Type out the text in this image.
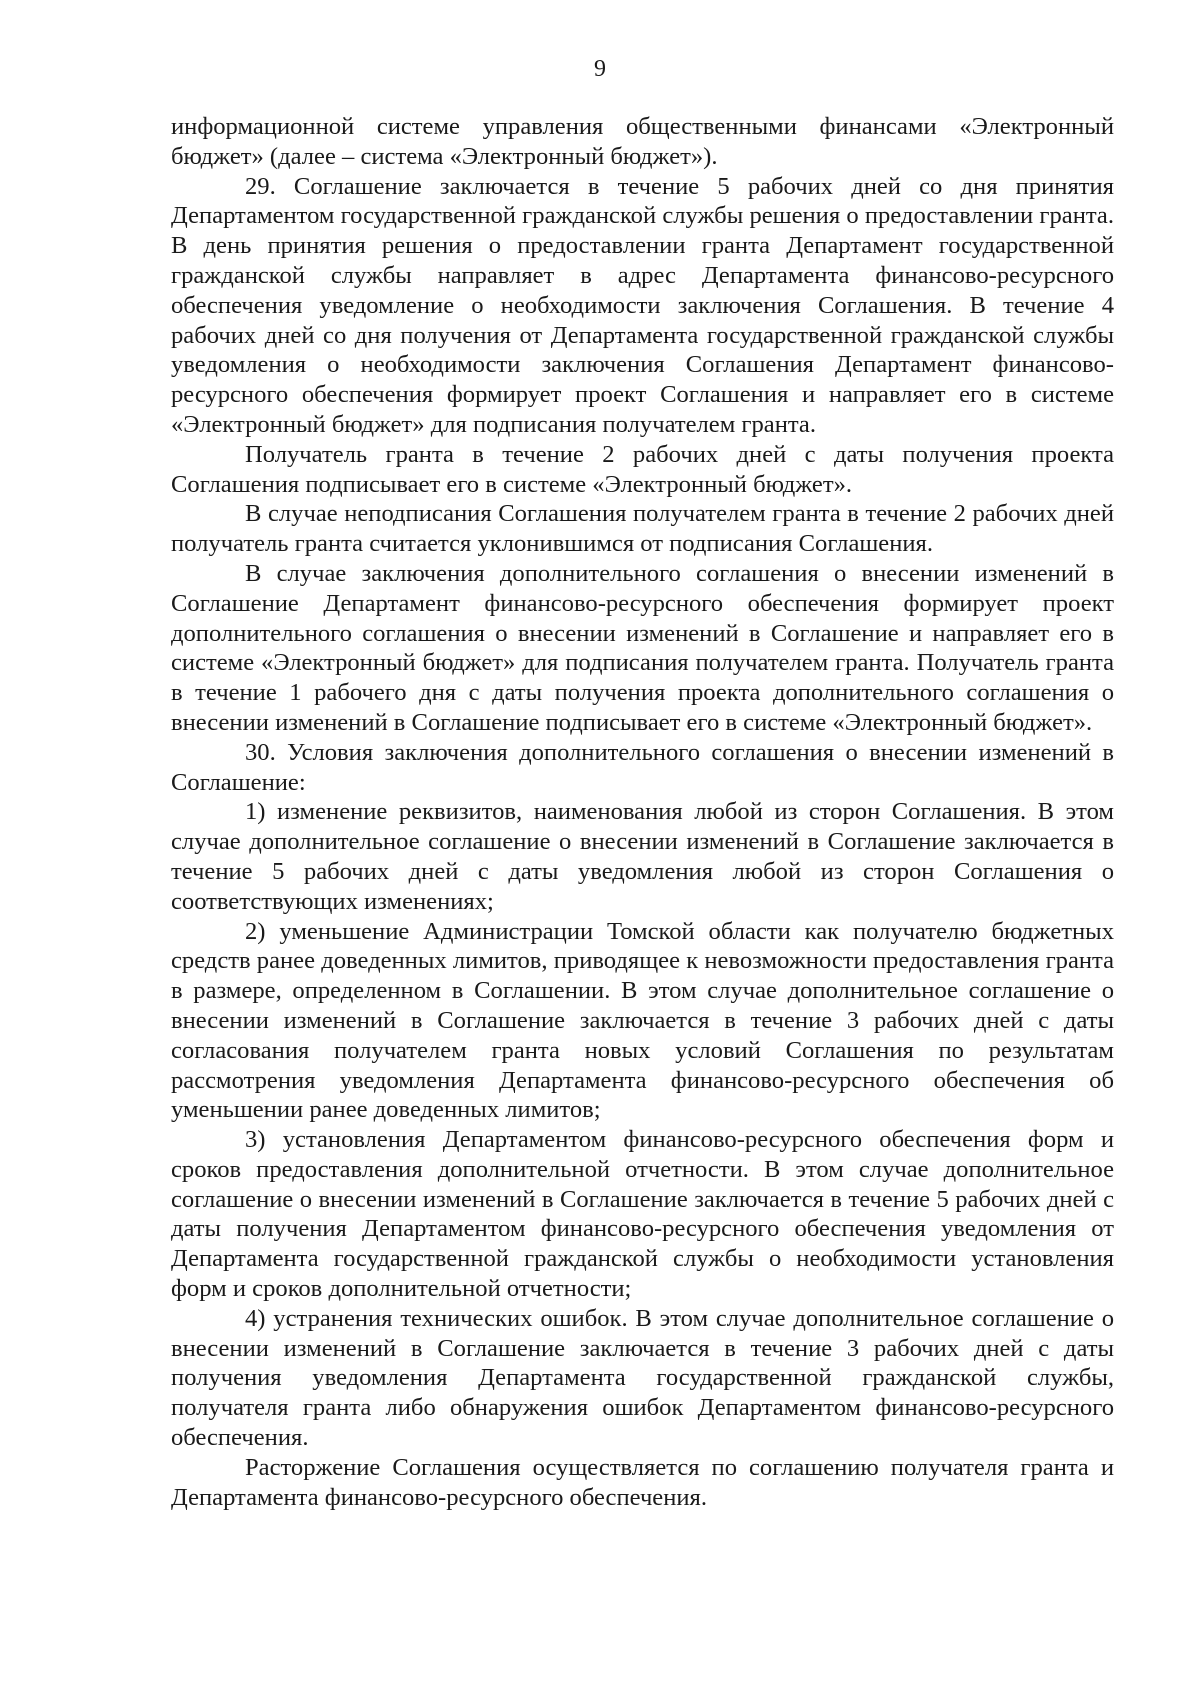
9

информационной системе управления общественными финансами «Электронный бюджет» (далее – система «Электронный бюджет»).

29. Соглашение заключается в течение 5 рабочих дней со дня принятия Департаментом государственной гражданской службы решения о предоставлении гранта. В день принятия решения о предоставлении гранта Департамент государственной гражданской службы направляет в адрес Департамента финансово-ресурсного обеспечения уведомление о необходимости заключения Соглашения. В течение 4 рабочих дней со дня получения от Департамента государственной гражданской службы уведомления о необходимости заключения Соглашения Департамент финансово-ресурсного обеспечения формирует проект Соглашения и направляет его в системе «Электронный бюджет» для подписания получателем гранта.

Получатель гранта в течение 2 рабочих дней с даты получения проекта Соглашения подписывает его в системе «Электронный бюджет».

В случае неподписания Соглашения получателем гранта в течение 2 рабочих дней получатель гранта считается уклонившимся от подписания Соглашения.

В случае заключения дополнительного соглашения о внесении изменений в Соглашение Департамент финансово-ресурсного обеспечения формирует проект дополнительного соглашения о внесении изменений в Соглашение и направляет его в системе «Электронный бюджет» для подписания получателем гранта. Получатель гранта в течение 1 рабочего дня с даты получения проекта дополнительного соглашения о внесении изменений в Соглашение подписывает его в системе «Электронный бюджет».

30. Условия заключения дополнительного соглашения о внесении изменений в Соглашение:

1) изменение реквизитов, наименования любой из сторон Соглашения. В этом случае дополнительное соглашение о внесении изменений в Соглашение заключается в течение 5 рабочих дней с даты уведомления любой из сторон Соглашения о соответствующих изменениях;

2) уменьшение Администрации Томской области как получателю бюджетных средств ранее доведенных лимитов, приводящее к невозможности предоставления гранта в размере, определенном в Соглашении. В этом случае дополнительное соглашение о внесении изменений в Соглашение заключается в течение 3 рабочих дней с даты согласования получателем гранта новых условий Соглашения по результатам рассмотрения уведомления Департамента финансово-ресурсного обеспечения об уменьшении ранее доведенных лимитов;

3) установления Департаментом финансово-ресурсного обеспечения форм и сроков предоставления дополнительной отчетности. В этом случае дополнительное соглашение о внесении изменений в Соглашение заключается в течение 5 рабочих дней с даты получения Департаментом финансово-ресурсного обеспечения уведомления от Департамента государственной гражданской службы о необходимости установления форм и сроков дополнительной отчетности;

4) устранения технических ошибок. В этом случае дополнительное соглашение о внесении изменений в Соглашение заключается в течение 3 рабочих дней с даты получения уведомления Департамента государственной гражданской службы, получателя гранта либо обнаружения ошибок Департаментом финансово-ресурсного обеспечения.

Расторжение Соглашения осуществляется по соглашению получателя гранта и Департамента финансово-ресурсного обеспечения.
